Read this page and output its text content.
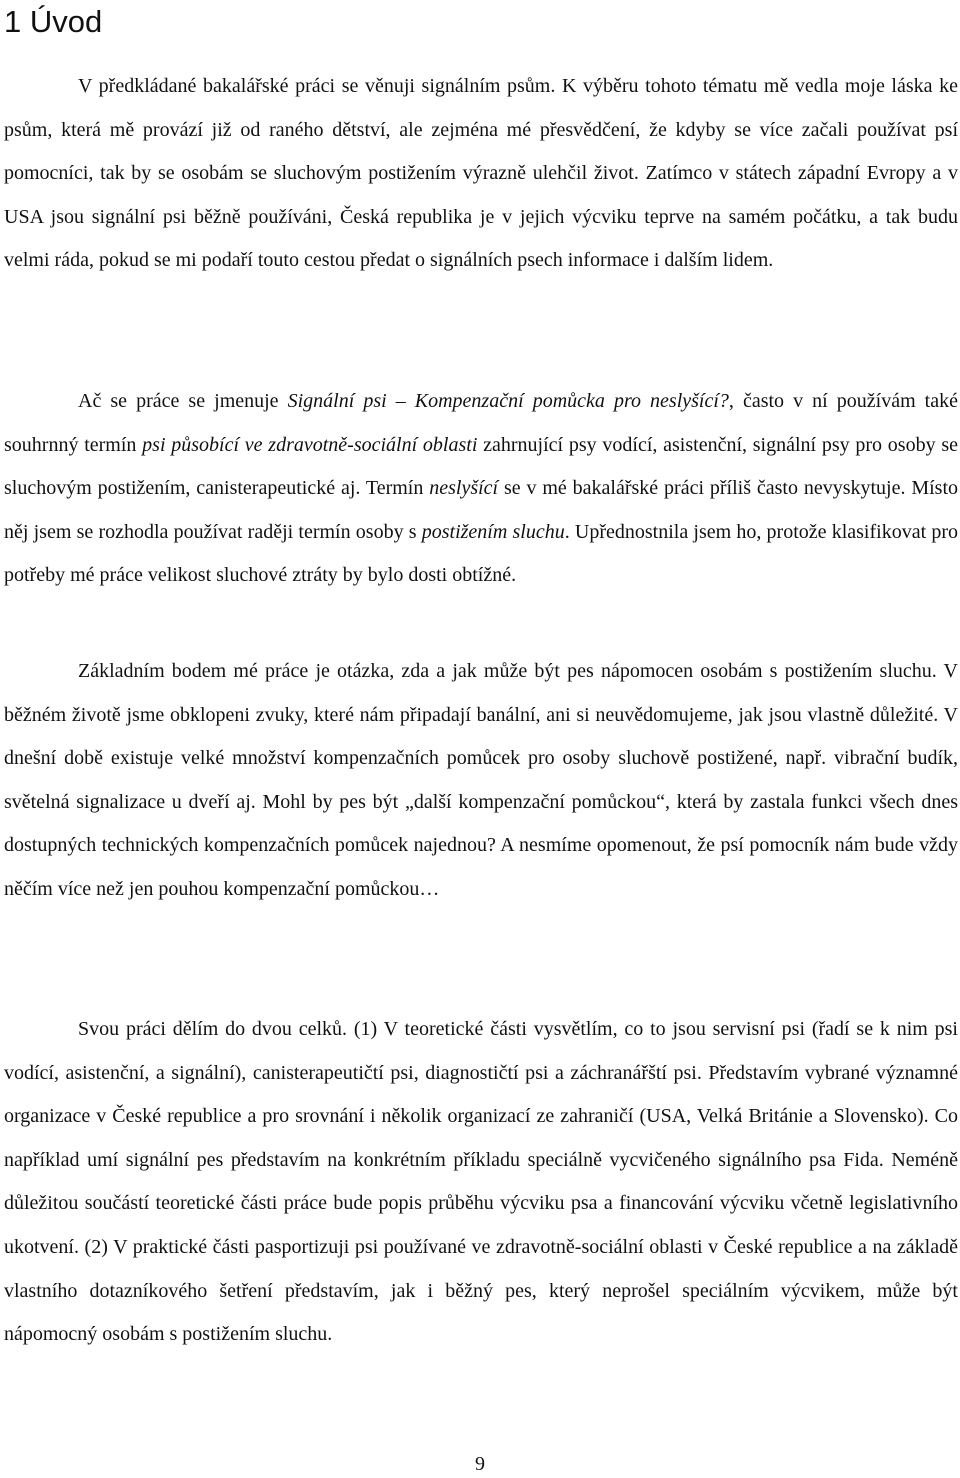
1 Úvod

V předkládané bakalářské práci se věnuji signálním psům. K výběru tohoto tématu mě vedla moje láska ke psům, která mě provází již od raného dětství, ale zejména mé přesvědčení, že kdyby se více začali používat psí pomocníci, tak by se osobám se sluchovým postižením výrazně ulehčil život. Zatímco v státech západní Evropy a v USA jsou signální psi běžně používáni, Česká republika je v jejich výcviku teprve na samém počátku, a tak budu velmi ráda, pokud se mi podaří touto cestou předat o signálních psech informace i dalším lidem.

Ač se práce se jmenuje Signální psi – Kompenzační pomůcka pro neslyšící?, často v ní používám také souhrnný termín psi působící ve zdravotně-sociální oblasti zahrnující psy vodící, asistenční, signální psy pro osoby se sluchovým postižením, canisterapeutické aj. Termín neslyšící se v mé bakalářské práci příliš často nevyskytuje. Místo něj jsem se rozhodla používat raději termín osoby s postižením sluchu. Upřednostnila jsem ho, protože klasifikovat pro potřeby mé práce velikost sluchové ztráty by bylo dosti obtížné.

Základním bodem mé práce je otázka, zda a jak může být pes nápomocen osobám s postižením sluchu. V běžném životě jsme obklopeni zvuky, které nám připadají banální, ani si neuvědomujeme, jak jsou vlastně důležité. V dnešní době existuje velké množství kompenzačních pomůcek pro osoby sluchově postižené, např. vibrační budík, světelná signalizace u dveří aj. Mohl by pes být „další kompenzační pomůckou“, která by zastala funkci všech dnes dostupných technických kompenzačních pomůcek najednou? A nesmíme opomenout, že psí pomocník nám bude vždy něčím více než jen pouhou kompenzační pomůckou…

Svou práci dělím do dvou celků. (1) V teoretické části vysvětlím, co to jsou servisní psi (řadí se k nim psi vodící, asistenční, a signální), canisterapeutičtí psi, diagnostičtí psi a záchranářští psi. Představím vybrané významné organizace v České republice a pro srovnání i několik organizací ze zahraničí (USA, Velká Británie a Slovensko). Co například umí signální pes představím na konkrétním příkladu speciálně vycvičeného signálního psa Fida. Neméně důležitou součástí teoretické části práce bude popis průběhu výcviku psa a financování výcviku včetně legislativního ukotvení. (2) V praktické části pasportizuji psi používané ve zdravotně-sociální oblasti v České republice a na základě vlastního dotazníkového šetření představím, jak i běžný pes, který neprošel speciálním výcvikem, může být nápomocný osobám s postižením sluchu.

9
